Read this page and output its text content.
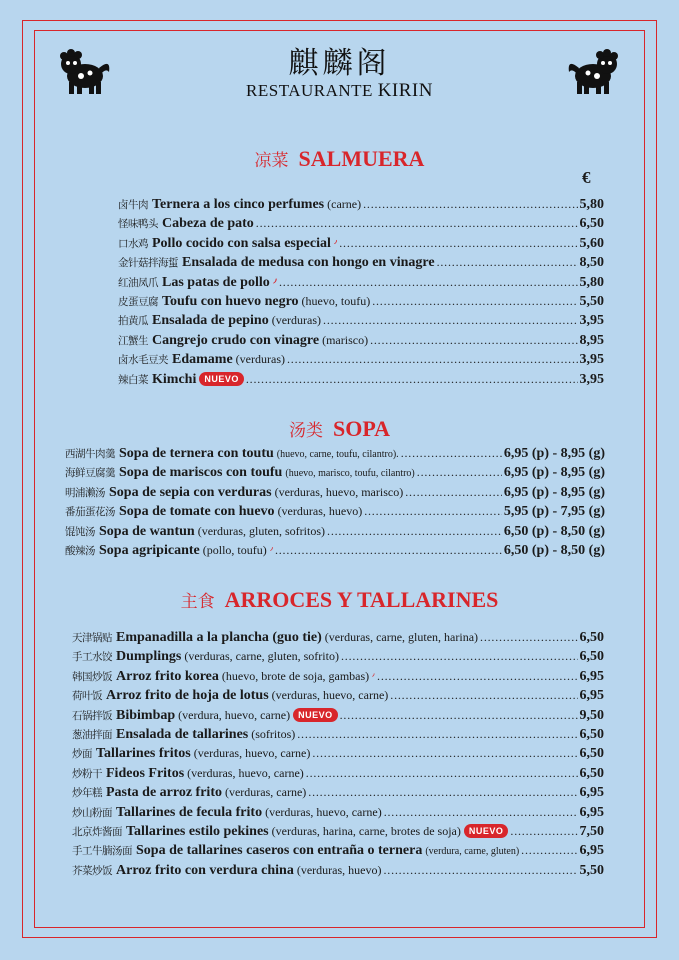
麒麟阁
RESTAURANTE KIRIN
凉菜 SALMUERA
€
卤牛肉 Ternera a los cinco perfumes (carne) .....	5,80
怪味鸭头 Cabeza de pato .....	6,50
口水鸡 Pollo cocido con salsa especial .....	5,60
金针菇拌海蜇 Ensalada de medusa con hongo en vinagre .....	8,50
红油凤爪 Las patas de pollo .....	5,80
皮蛋豆腐 Toufu con huevo negro (huevo, toufu) .....	5,50
拍黄瓜 Ensalada de pepino (verduras) .....	3,95
江蟹生 Cangrejo crudo con vinagre (marisco) .....	8,95
卤水毛豆夹 Edamame (verduras) .....	3,95
辣白菜 Kimchi NUEVO .....	3,95
汤类 SOPA
西湖牛肉羹 Sopa de ternera con toutu (huevo, carne, toufu, cilantro). .....	6,95 (p) - 8,95 (g)
海鲜豆腐羹 Sopa de mariscos con toufu (huevo, marisco, toufu, cilantro) .....	6,95 (p) - 8,95 (g)
明浦濑汤 Sopa de sepia con verduras (verduras, huevo, marisco) .....	6,95 (p) - 8,95 (g)
番茄蛋花汤 Sopa de tomate con huevo (verduras, huevo) .....	5,95 (p) - 7,95 (g)
馄饨汤 Sopa de wantun (verduras, gluten, sofritos) .....	6,50 (p) - 8,50 (g)
酸辣汤 Sopa agripicante (pollo, toufu) .....	6,50 (p) - 8,50 (g)
主食 ARROCES Y TALLARINES
天津锅贴 Empanadilla a la plancha (guo tie) (verduras, carne, gluten, harina) .....	6,50
手工水饺 Dumplings (verduras, carne, gluten, sofrito) .....	6,50
韩国炒饭 Arroz frito korea (huevo, brote de soja, gambas) .....	6,95
荷叶饭 Arroz frito de hoja de lotus (verduras, huevo, carne) .....	6,95
石锅拌饭 Bibimbap (verdura, huevo, carne) NUEVO .....	9,50
葱油拌面 Ensalada de tallarines (sofritos) .....	6,50
炒面 Tallarines fritos (verduras, huevo, carne) .....	6,50
炒粉干 Fideos Fritos (verduras, huevo, carne) .....	6,50
炒年糕 Pasta de arroz frito (verduras, carne) .....	6,95
炒山粉面 Tallarines de fecula frito (verduras, huevo, carne) .....	6,95
北京炸酱面 Tallarines estilo pekines (verduras, harina, carne, brotes de soja) NUEVO .....	7,50
手工牛腩汤面 Sopa de tallarines caseros con entraña o ternera (verdura, carne, gluten) .....	6,95
芥菜炒饭 Arroz frito con verdura china (verduras, huevo) .....	5,50
